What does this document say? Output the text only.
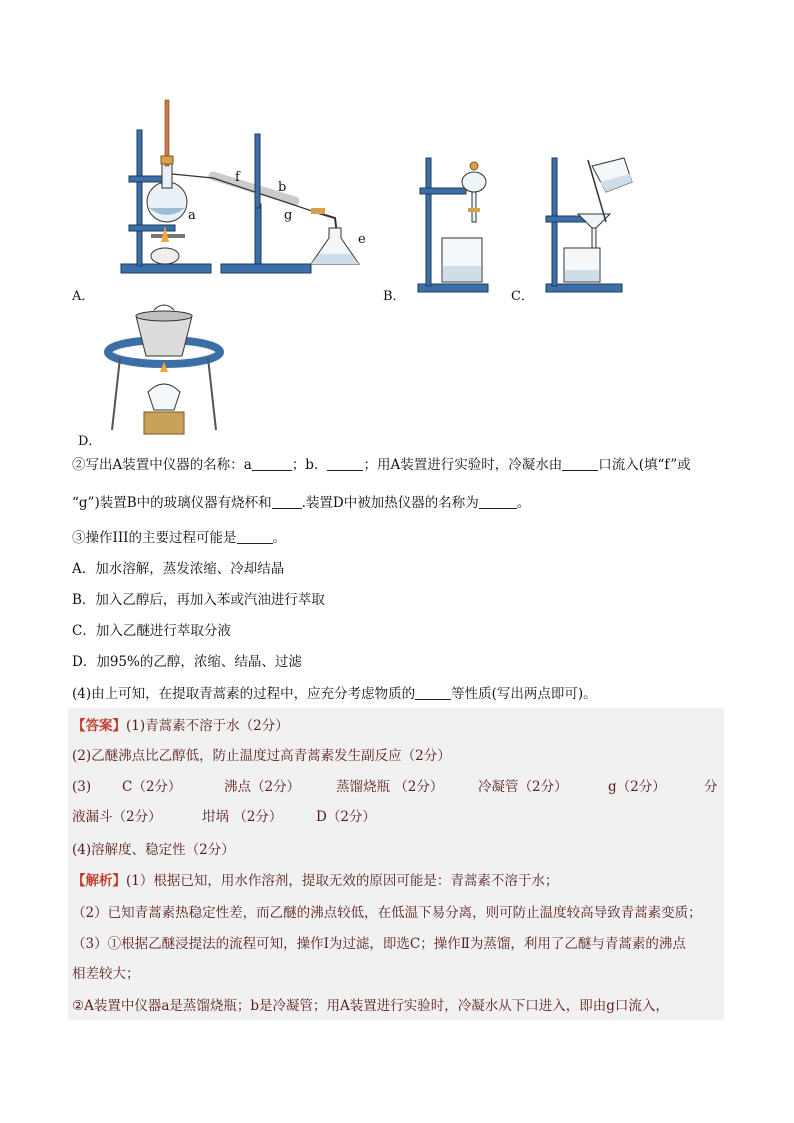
a
b
f
g
e
A．	B．	C．
D．
②写出A装置中仪器的名称：a	；b．	；用A装置进行实验时，冷凝水由	口流入(填“f”或
“g”)装置B中的玻璃仪器有烧杯和 .装置D中被加热仪器的名称为	。
③操作III的主要过程可能是	。
A．加水溶解，蒸发浓缩、冷却结晶
B．加入乙醇后，再加入苯或汽油进行萃取
C．加入乙醚进行萃取分液
D．加95%的乙醇，浓缩、结晶、过滤
(4)由上可知，在提取青蒿素的过程中，应充分考虑物质的	等性质(写出两点即可)。
【答案】(1)青蒿素不溶于水（2分）
(2)乙醚沸点比乙醇低，防止温度过高青蒿素发生副反应（2分）
(3) C（2分）	沸点（2分）	蒸馏烧瓶 （2分）	冷凝管（2分）	g（2分）	分
液漏斗（2分）	坩埚 （2分） D（2分）
(4)溶解度、稳定性（2分）
【解析】(1）根据已知，用水作溶剂，提取无效的原因可能是：青蒿素不溶于水；
（2）已知青蒿素热稳定性差，而乙醚的沸点较低，在低温下易分离，则可防止温度较高导致青蒿素变质；
（3）①根据乙醚浸提法的流程可知，操作Ⅰ为过滤，即选C；操作Ⅱ为蒸馏，利用了乙醚与青蒿素的沸点
相差较大；
②A装置中仪器a是蒸馏烧瓶；b是冷凝管；用A装置进行实验时，冷凝水从下口进入，即由g口流入，
